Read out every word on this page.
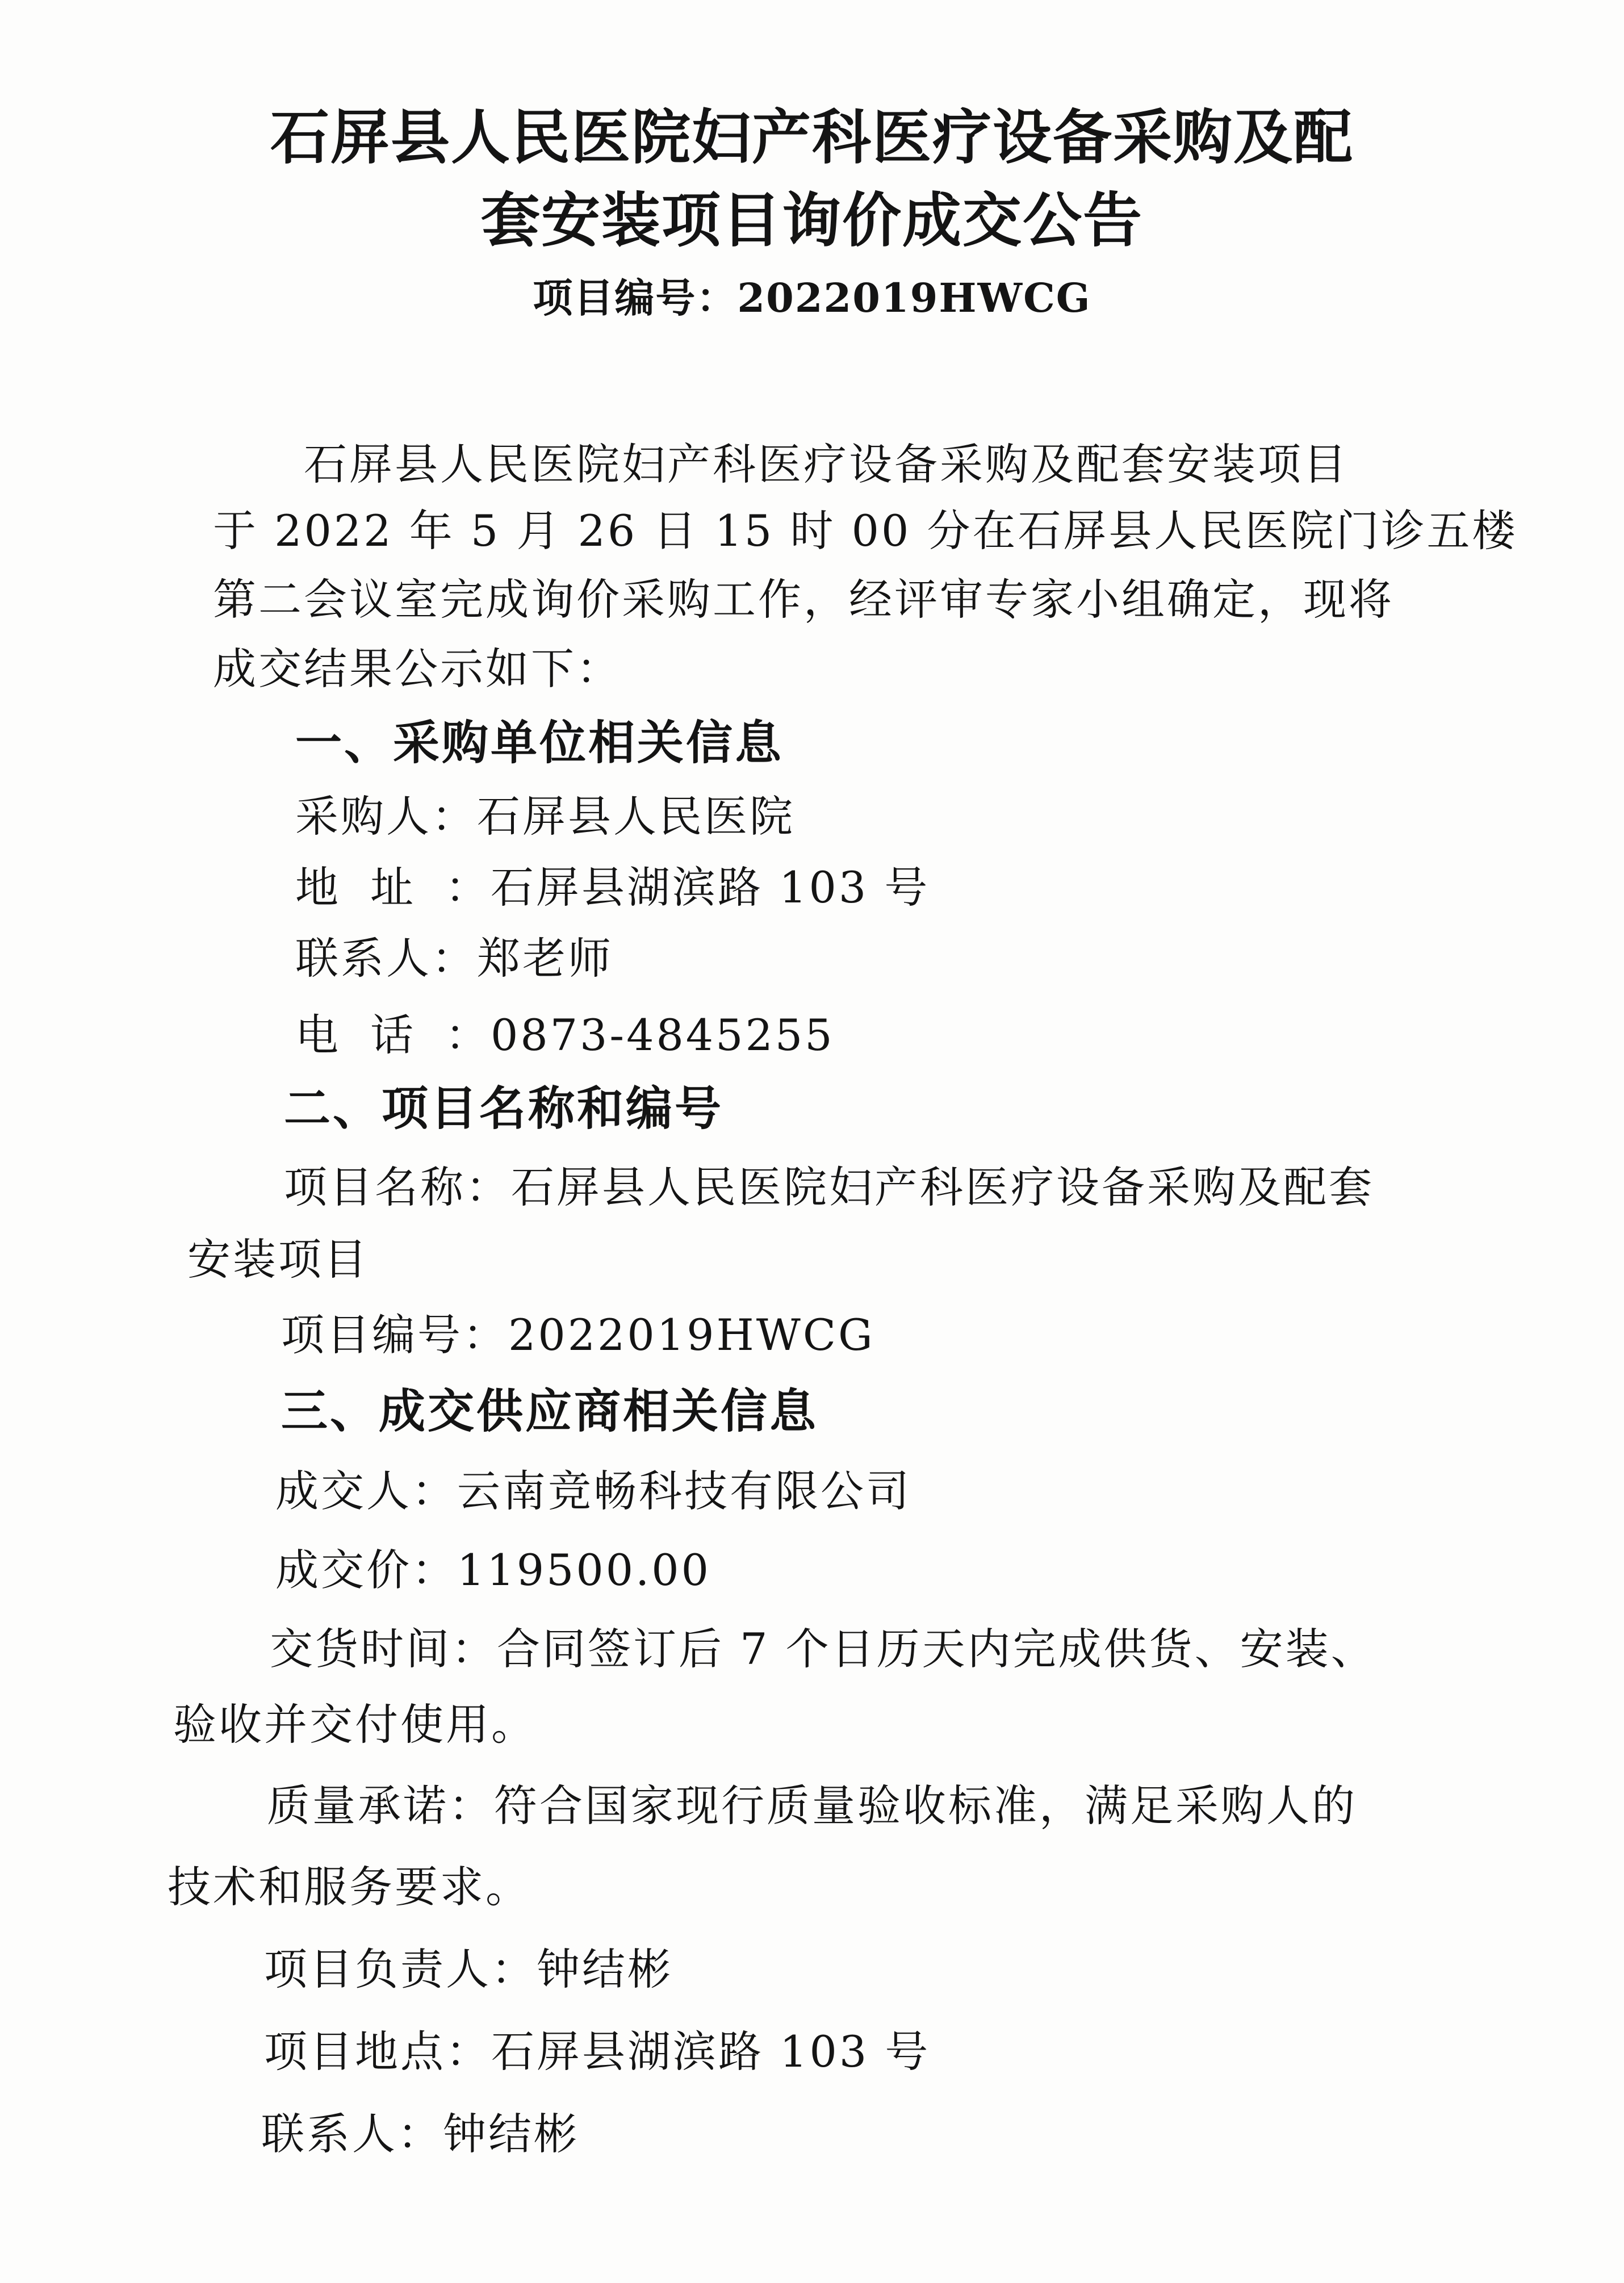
石屏县人民医院妇产科医疗设备采购及配
套安装项目询价成交公告
项目编号：2022019HWCG
石屏县人民医院妇产科医疗设备采购及配套安装项目
于 2022 年 5 月 26 日 15 时 00 分在石屏县人民医院门诊五楼
第二会议室完成询价采购工作，经评审专家小组确定，现将
成交结果公示如下：
一、采购单位相关信息
采购人：石屏县人民医院
地 址 ：石屏县湖滨路 103 号
联系人：郑老师
电 话 ：0873-4845255
二、项目名称和编号
项目名称：石屏县人民医院妇产科医疗设备采购及配套
安装项目
项目编号：2022019HWCG
三、成交供应商相关信息
成交人：云南竞畅科技有限公司
成交价：119500.00
交货时间：合同签订后 7 个日历天内完成供货、安装、
验收并交付使用。
质量承诺：符合国家现行质量验收标准，满足采购人的
技术和服务要求。
项目负责人：钟结彬
项目地点：石屏县湖滨路 103 号
联系人：钟结彬
